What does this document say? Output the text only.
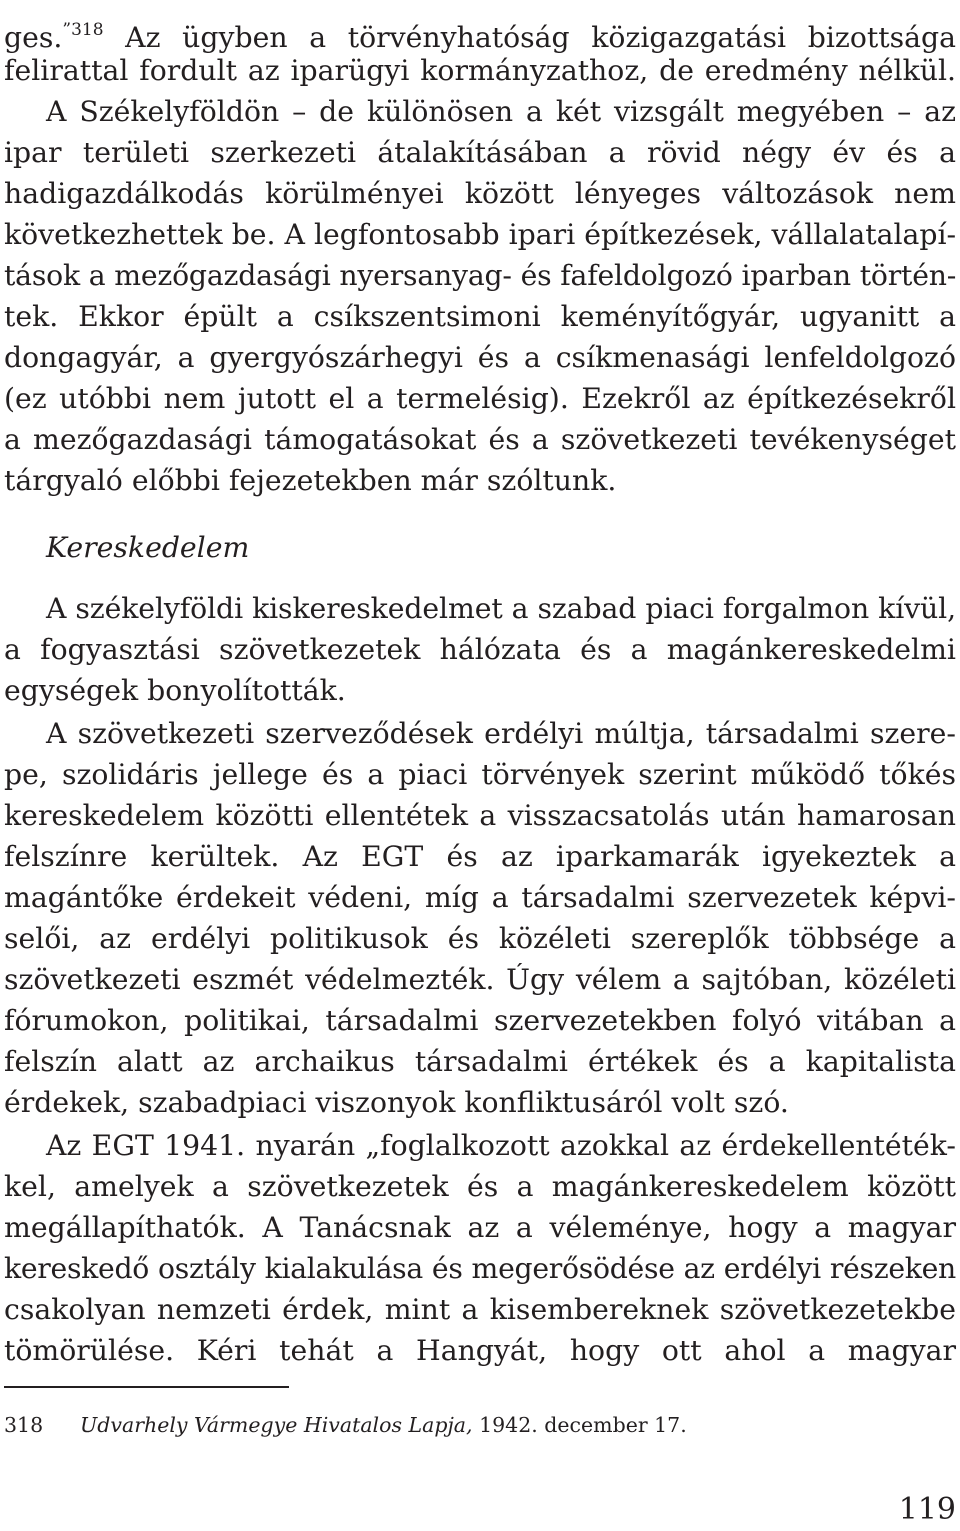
ges.$^{”318}$ Az ügyben a törvényhatóság közigazgatási bizottsága
felirattal fordult az iparügyi kormányzathoz, de eredmény nélkül.
A Székelyföldön – de különösen a két vizsgált megyében – az
ipar területi szerkezeti átalakításában a rövid négy év és a
hadigazdálkodás körülményei között lényeges változások nem
következhettek be. A legfontosabb ipari építkezések, vállalatalapí-
tások a mezőgazdasági nyersanyag- és fafeldolgozó iparban történ-
tek. Ekkor épült a csíkszentsimoni keményítőgyár, ugyanitt a
dongagyár, a gyergyószárhegyi és a csíkmenasági lenfeldolgozó
(ez utóbbi nem jutott el a termelésig). Ezekről az építkezésekről
a mezőgazdasági támogatásokat és a szövetkezeti tevékenységet
tárgyaló előbbi fejezetekben már szóltunk.
Kereskedelem
A székelyföldi kiskereskedelmet a szabad piaci forgalmon kívül,
a fogyasztási szövetkezetek hálózata és a magánkereskedelmi
egységek bonyolították.
A szövetkezeti szerveződések erdélyi múltja, társadalmi szere-
pe, szolidáris jellege és a piaci törvények szerint működő tőkés
kereskedelem közötti ellentétek a visszacsatolás után hamarosan
felszínre kerültek. Az EGT és az iparkamarák igyekeztek a
magántőke érdekeit védeni, míg a társadalmi szervezetek képvi-
selői, az erdélyi politikusok és közéleti szereplők többsége a
szövetkezeti eszmét védelmezték. Úgy vélem a sajtóban, közéleti
fórumokon, politikai, társadalmi szervezetekben folyó vitában a
felszín alatt az archaikus társadalmi értékek és a kapitalista
érdekek, szabadpiaci viszonyok konfliktusáról volt szó.
Az EGT 1941. nyarán „foglalkozott azokkal az érdekellentéték-
kel, amelyek a szövetkezetek és a magánkereskedelem között
megállapíthatók. A Tanácsnak az a véleménye, hogy a magyar
kereskedő osztály kialakulása és megerősödése az erdélyi részeken
csakolyan nemzeti érdek, mint a kisembereknek szövetkezetekbe
tömörülése. Kéri tehát a Hangyát, hogy ott ahol a magyar
318 Udvarhely Vármegye Hivatalos Lapja, 1942. december 17.
119
